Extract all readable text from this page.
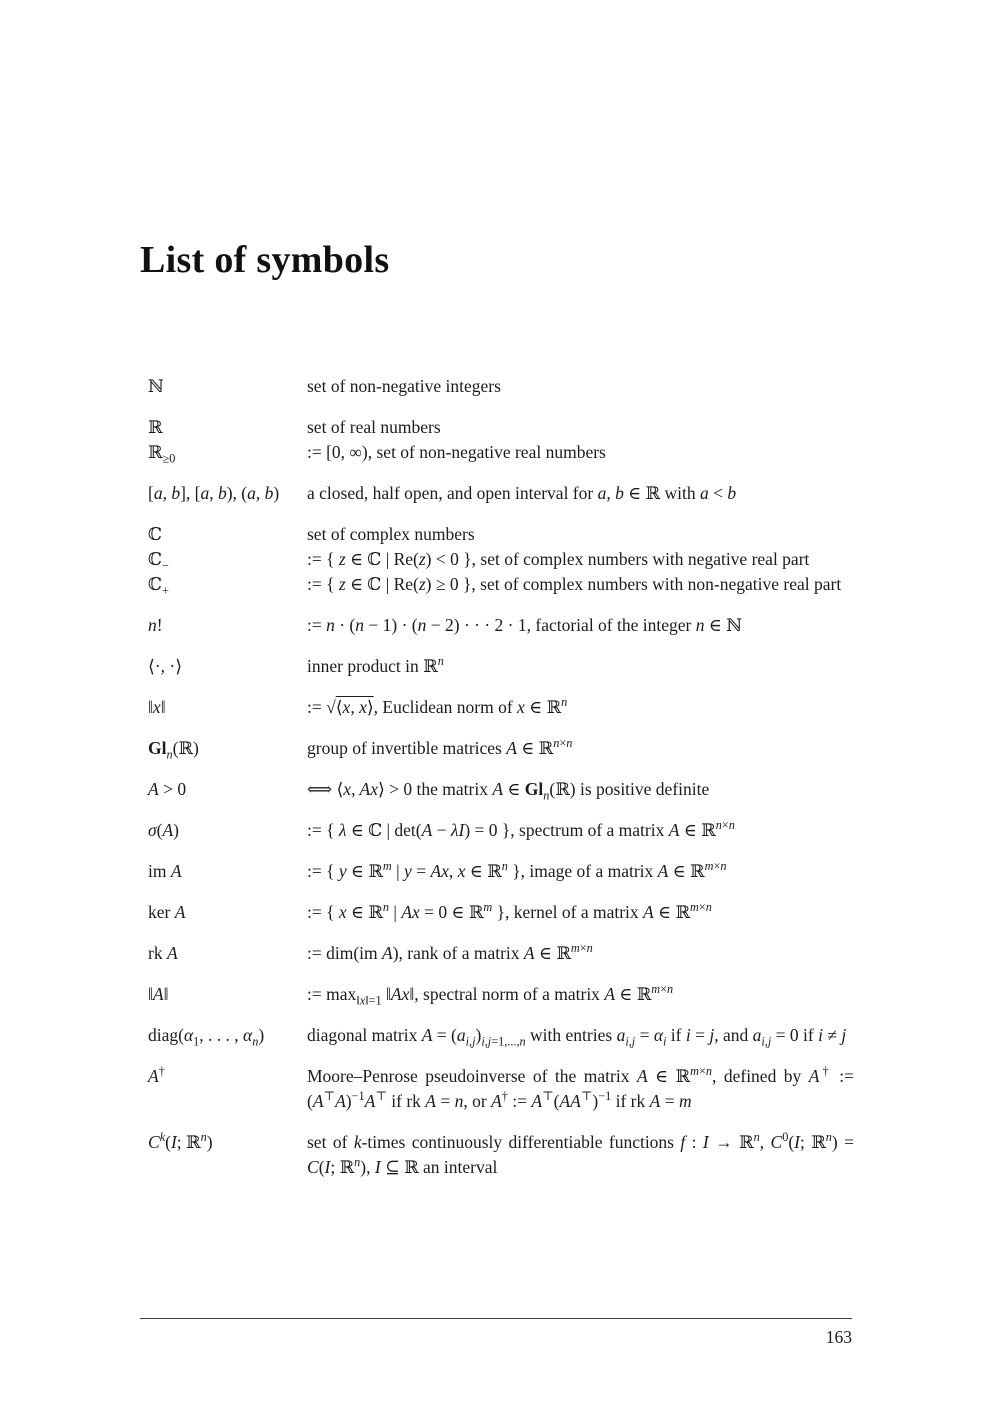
List of symbols
ℕ	set of non-negative integers
ℝ	set of real numbers
ℝ$_{\ge 0}$	:= [0, ∞), set of non-negative real numbers
[a, b], [a, b), (a, b)	a closed, half open, and open interval for a, b ∈ ℝ with a < b
ℂ	set of complex numbers
ℂ$_-$	:= { z ∈ ℂ | Re(z) < 0 }, set of complex numbers with negative real part
ℂ$_+$	:= { z ∈ ℂ | Re(z) ≥ 0 }, set of complex numbers with non-negative real part
n!	:= n · (n − 1) · (n − 2) · · · 2 · 1, factorial of the integer n ∈ ℕ
⟨·, ·⟩	inner product in ℝ$^n$
‖x‖	:= √⟨x, x⟩, Euclidean norm of x ∈ ℝ$^n$
$Gl_n(ℝ)$	group of invertible matrices A ∈ ℝ$^{n\times n}$
A > 0	⟺ ⟨x, Ax⟩ > 0 the matrix A ∈ $Gl_n(ℝ)$ is positive definite
σ(A)	:= { λ ∈ ℂ | det(A − λI) = 0 }, spectrum of a matrix A ∈ ℝ$^{n\times n}$
im A	:= { y ∈ ℝ$^m$ | y = Ax, x ∈ ℝ$^n$ }, image of a matrix A ∈ ℝ$^{m\times n}$
ker A	:= { x ∈ ℝ$^n$ | Ax = 0 ∈ ℝ$^m$ }, kernel of a matrix A ∈ ℝ$^{m\times n}$
rk A	:= dim(im A), rank of a matrix A ∈ ℝ$^{m\times n}$
‖A‖	:= $\max_{‖x‖=1}$ ‖Ax‖, spectral norm of a matrix A ∈ ℝ$^{m\times n}$
$diag(\alpha_1$, . . . , $\alpha_n$)	diagonal matrix $A = (a_{i,j})_{i,j=1,...,n}$ with entries $a_{i,j} = \alpha_i$ if i = j, and $a_{i,j} = 0$ if i ≠ j
A†	Moore–Penrose pseudoinverse of the matrix A ∈ ℝ$^{m\times n}$, defined by A† := $(A^⊤A)^{-1}A^⊤$ if rk A = n, or A† := $A^⊤(AA^⊤)^{-1}$ if rk A = m
$C^k(I$; ℝ$^n$)	set of k-times continuously differentiable functions f : I → ℝ$^n$, $C^0(I$; ℝ$^n$) = C(I; ℝ$^n$), I ⊆ ℝ an interval
163
